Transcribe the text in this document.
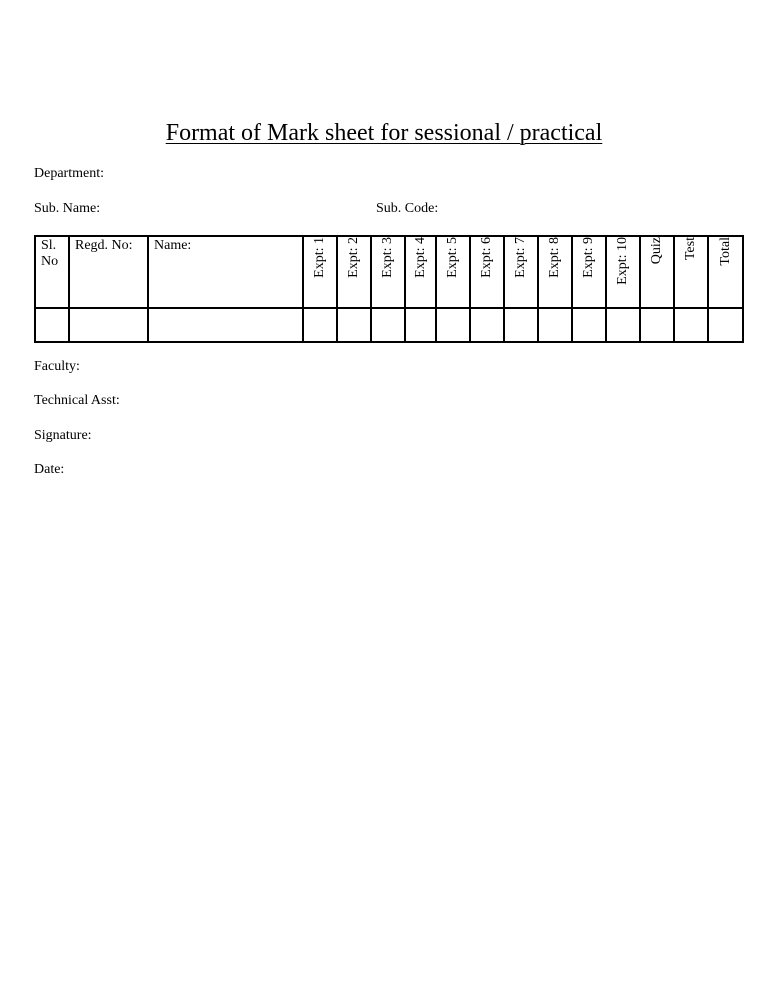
Format of Mark sheet for sessional / practical
Department:
Sub. Name:	Sub. Code:
Sl. No	Regd. No:	Name:	Expt: 1	Expt: 2	Expt: 3	Expt: 4	Expt: 5	Expt: 6	Expt: 7	Expt: 8	Expt: 9	Expt: 10	Quiz	Test	Total

Faculty:
Technical Asst:
Signature:
Date:
